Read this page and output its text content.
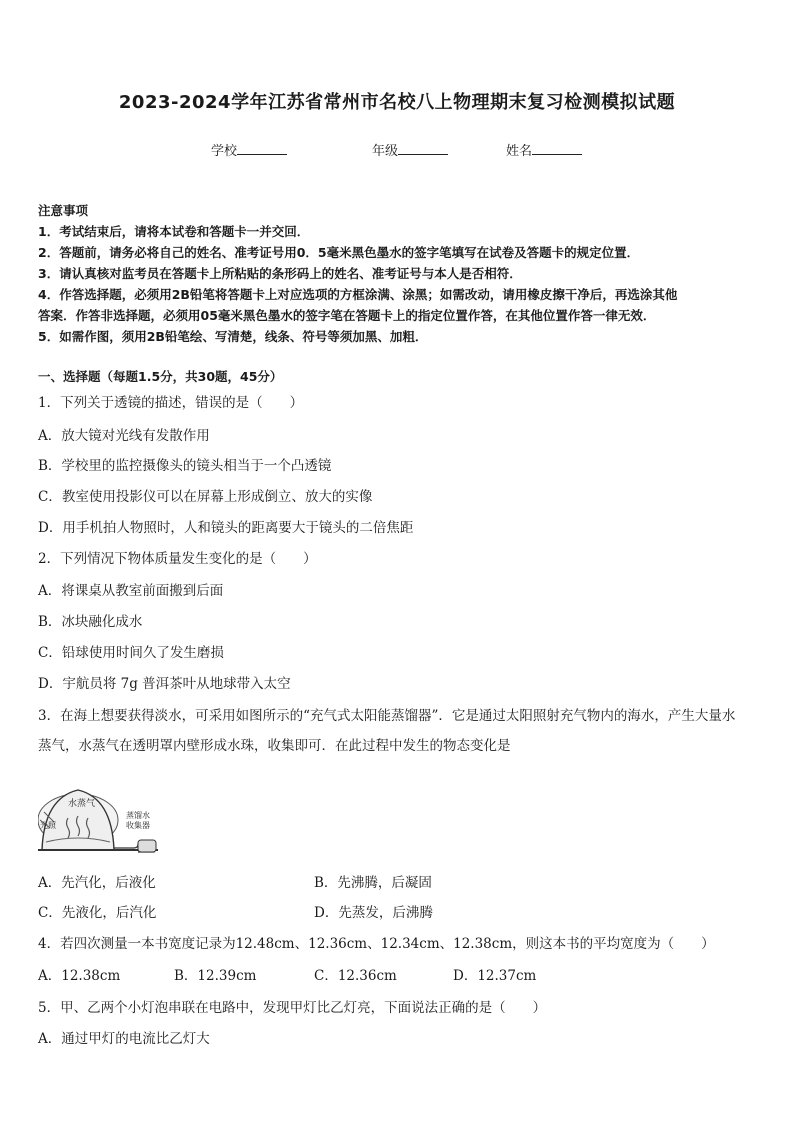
2023-2024学年江苏省常州市名校八上物理期末复习检测模拟试题
学校	年级	姓名
注意事项
1．考试结束后，请将本试卷和答题卡一并交回．
2．答题前，请务必将自己的姓名、准考证号用0．5毫米黑色墨水的签字笔填写在试卷及答题卡的规定位置．
3．请认真核对监考员在答题卡上所粘贴的条形码上的姓名、准考证号与本人是否相符．
4．作答选择题，必须用2B铅笔将答题卡上对应选项的方框涂满、涂黑；如需改动，请用橡皮擦干净后，再选涂其他
答案．作答非选择题，必须用05毫米黑色墨水的签字笔在答题卡上的指定位置作答，在其他位置作答一律无效．
5．如需作图，须用2B铅笔绘、写清楚，线条、符号等须加黑、加粗．
一、选择题（每题1.5分，共30题，45分）
1．下列关于透镜的描述，错误的是（　　）
A．放大镜对光线有发散作用
B．学校里的监控摄像头的镜头相当于一个凸透镜
C．教室使用投影仪可以在屏幕上形成倒立、放大的实像
D．用手机拍人物照时，人和镜头的距离要大于镜头的二倍焦距
2．下列情况下物体质量发生变化的是（　　）
A．将课桌从教室前面搬到后面
B．冰块融化成水
C．铅球使用时间久了发生磨损
D．宇航员将 7g 普洱茶叶从地球带入太空
3．在海上想要获得淡水，可采用如图所示的“充气式太阳能蒸馏器”．它是通过太阳照射充气物内的海水，产生大量水
蒸气，水蒸气在透明罩内壁形成水珠，收集即可．在此过程中发生的物态变化是
水蒸气
光照
蒸馏水
收集器
A．先汽化，后液化	B．先沸腾，后凝固
C．先液化，后汽化	D．先蒸发，后沸腾
4．若四次测量一本书宽度记录为12.48cm、12.36cm、12.34cm、12.38cm，则这本书的平均宽度为（　　）
A．12.38cm	B．12.39cm	C．12.36cm	D．12.37cm
5．甲、乙两个小灯泡串联在电路中，发现甲灯比乙灯亮，下面说法正确的是（　　）
A．通过甲灯的电流比乙灯大
